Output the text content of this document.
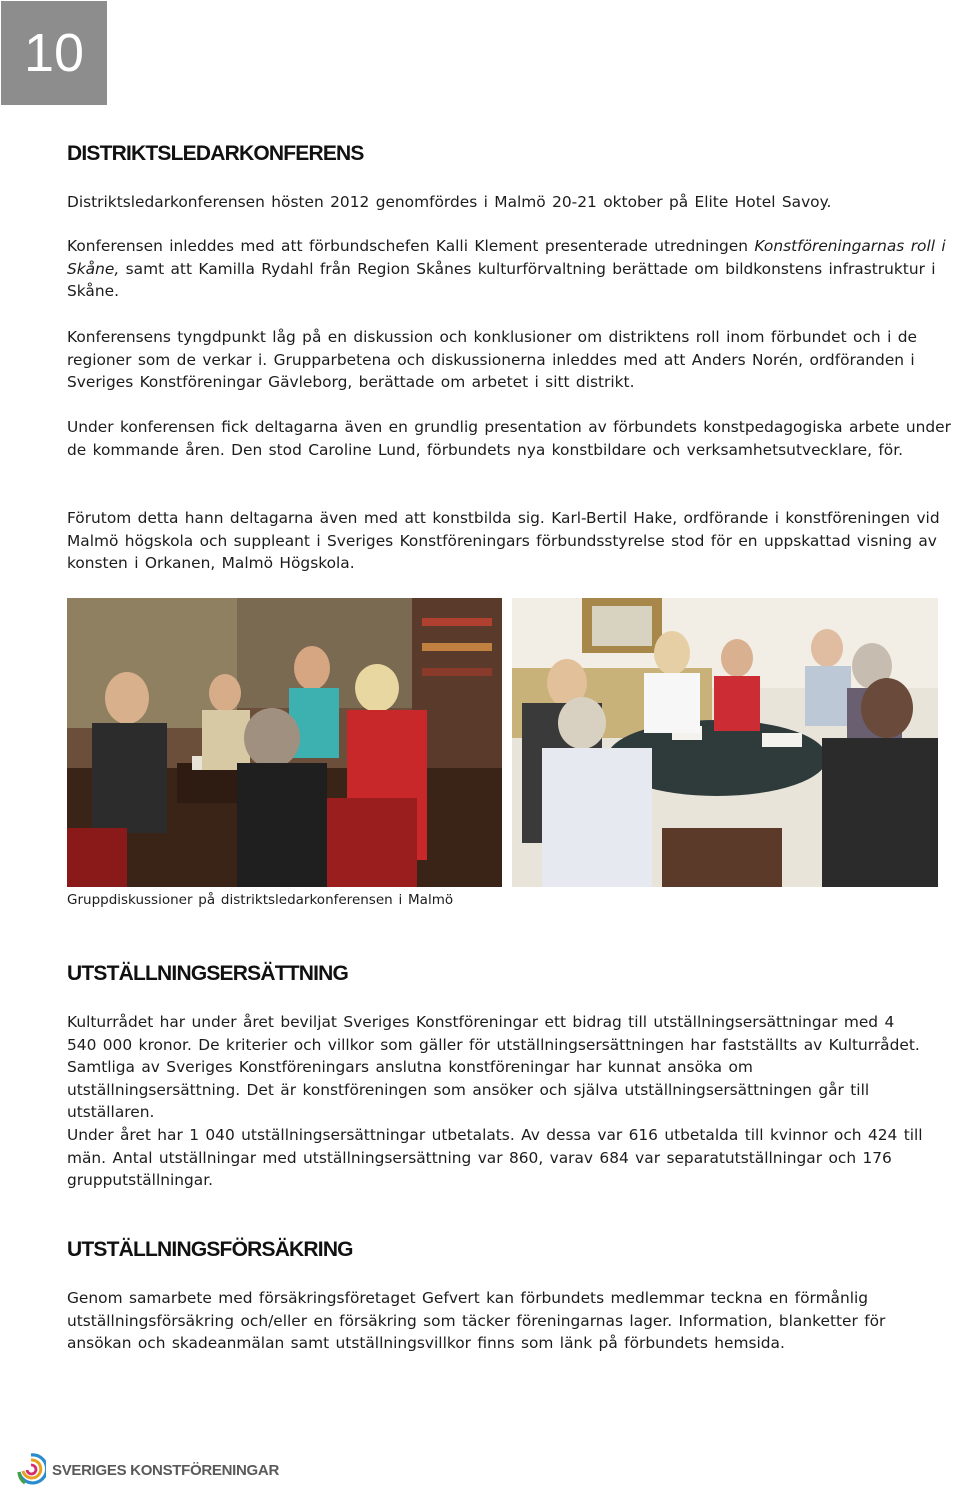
10
DISTRIKTSLEDARKONFERENS

Distriktsledarkonferensen hösten 2012 genomfördes i Malmö 20-21 oktober på Elite Hotel Savoy.

Konferensen inleddes med att förbundschefen Kalli Klement presenterade utredningen Konstföreningarnas roll i Skåne, samt att Kamilla Rydahl från Region Skånes kulturförvaltning berättade om bildkonstens infrastruktur i Skåne.

Konferensens tyngdpunkt låg på en diskussion och konklusioner om distriktens roll inom förbundet och i de regioner som de verkar i. Grupparbetena och diskussionerna inleddes med att Anders Norén, ordföranden i Sveriges Konstföreningar Gävleborg, berättade om arbetet i sitt distrikt.

Under konferensen fick deltagarna även en grundlig presentation av förbundets konstpedagogiska arbete under de kommande åren. Den stod Caroline Lund, förbundets nya konstbildare och verksamhetsutvecklare, för.

Förutom detta hann deltagarna även med att konstbilda sig. Karl-Bertil Hake, ordförande i konstföreningen vid Malmö högskola och suppleant i Sveriges Konstföreningars förbundsstyrelse stod för en uppskattad visning av konsten i Orkanen, Malmö Högskola.

Gruppdiskussioner på distriktsledarkonferensen i Malmö
UTSTÄLLNINGSERSÄTTNING

Kulturrådet har under året beviljat Sveriges Konstföreningar ett bidrag till utställningsersättningar med 4 540 000 kronor. De kriterier och villkor som gäller för utställningsersättningen har fastställts av Kulturrådet. Samtliga av Sveriges Konstföreningars anslutna konstföreningar har kunnat ansöka om utställningsersättning. Det är konstföreningen som ansöker och själva utställningsersättningen går till utställaren.

Under året har 1 040 utställningsersättningar utbetalats. Av dessa var 616 utbetalda till kvinnor och 424 till män. Antal utställningar med utställningsersättning var 860, varav 684 var separatutställningar och 176 grupputställningar.

UTSTÄLLNINGSFÖRSÄKRING

Genom samarbete med försäkringsföretaget Gefvert kan förbundets medlemmar teckna en förmånlig utställningsförsäkring och/eller en försäkring som täcker föreningarnas lager. Information, blanketter för ansökan och skadeanmälan samt utställningsvillkor finns som länk på förbundets hemsida.

SVERIGES KONSTFÖRENINGAR
